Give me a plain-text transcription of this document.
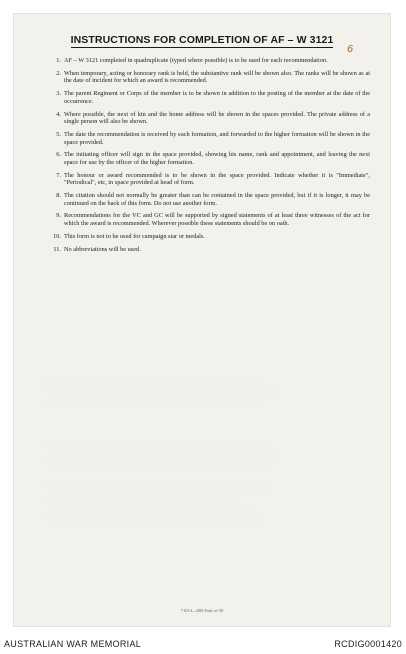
......... ....... .......... ......... ............ .......... ........
....... ........ ...... ......... ............ ...... ......... ........ ..
........ ........ .......... ..... ......... ....... ........... ....... .....
....... ......... ........ ......... ........ ............. ........ .......
....... ......... ...... .......... ........ ....... ......... .........
......... .......... ....... ........ ......... .......... ....... ........
......... ........ ....... ........ ......... ............ ........ ........
....... ........ .......... ....... ........ ......... ....... ......... ....
........ ......... ........ ..... ......... ........ ......... ...........

...... ......... ........ .......... ....... ........ ........ ...........
......... ......... ........ ...... ........ ......... ........ ..........
........ .......... ........ .......... ....... ......... .......

......... ........ ........ ......... ............ ........ .........
....... .......... ....... ........ .......... ........ .......... ......
........ ......... ...... ........ ........ ............ ........ ......
INSTRUCTIONS FOR COMPLETION OF AF – W 3121
6
1. AF – W 3121 completed in quadruplicate (typed where possible) is to be used for each recommendation.
2. When temporary, acting or honorary rank is held, the substantive rank will be shown also. The ranks will be shown as at the date of incident for which an award is recommended.
3. The parent Regiment or Corps of the member is to be shown in addition to the posting of the member at the date of the occurrence.
4. Where possible, the next of kin and the home address will be shown in the spaces provided. The private address of a single person will also be shown.
5. The date the recommendation is received by each formation, and forwarded to the higher formation will be shown in the space provided.
6. The initiating officer will sign in the space provided, showing his name, rank and appointment, and leaving the next space for use by the officer of the higher formation.
7. The honour or award recommended is to be shown in the space provided. Indicate whether it is "Immediate", "Periodical", etc, in space provided at head of form.
8. The citation should not normally be greater than can be contained in the space provided, but if it is longer, it may be continued on the back of this form. Do not use another form.
9. Recommendations for the VC and GC will be supported by signed statements of at least three witnesses of the act for which the award is recommended. Wherever possible these statements should be on oath.
10. This form is not to be used for campaign star or medals.
11. No abbreviations will be used.
71014—800 Pads of 50
AUSTRALIAN WAR MEMORIAL	RCDIG0001420
